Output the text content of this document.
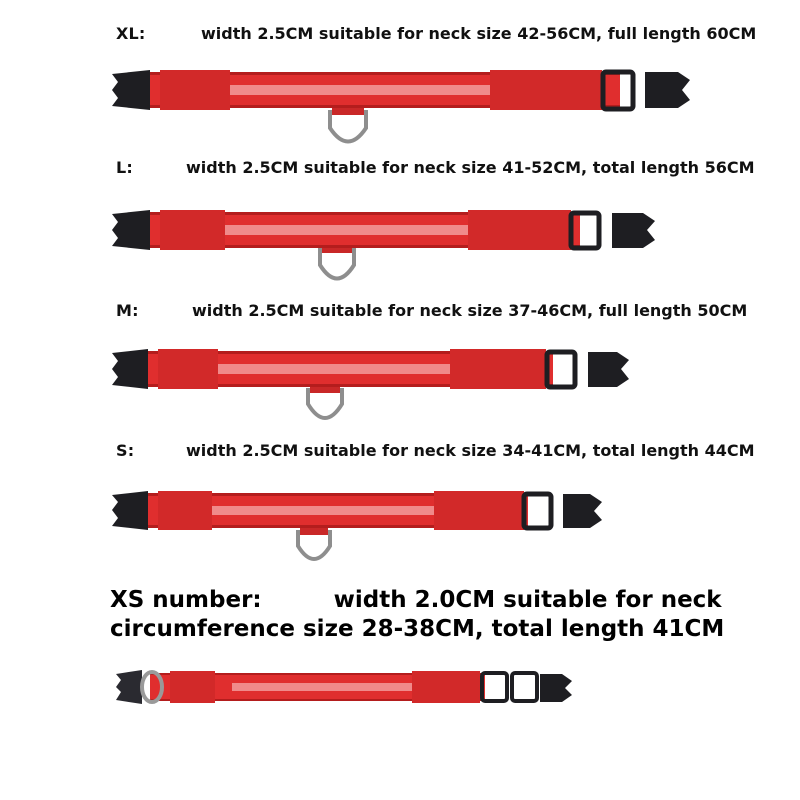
XL:	width 2.5CM suitable for neck size 42-56CM, full length 60CM
L:	width 2.5CM suitable for neck size 41-52CM, total length 56CM
M:	width 2.5CM suitable for neck size 37-46CM, full length 50CM
S:	width 2.5CM suitable for neck size 34-41CM, total length 44CM
XS number:	width 2.0CM suitable for neck
circumference size 28-38CM, total length 41CM
